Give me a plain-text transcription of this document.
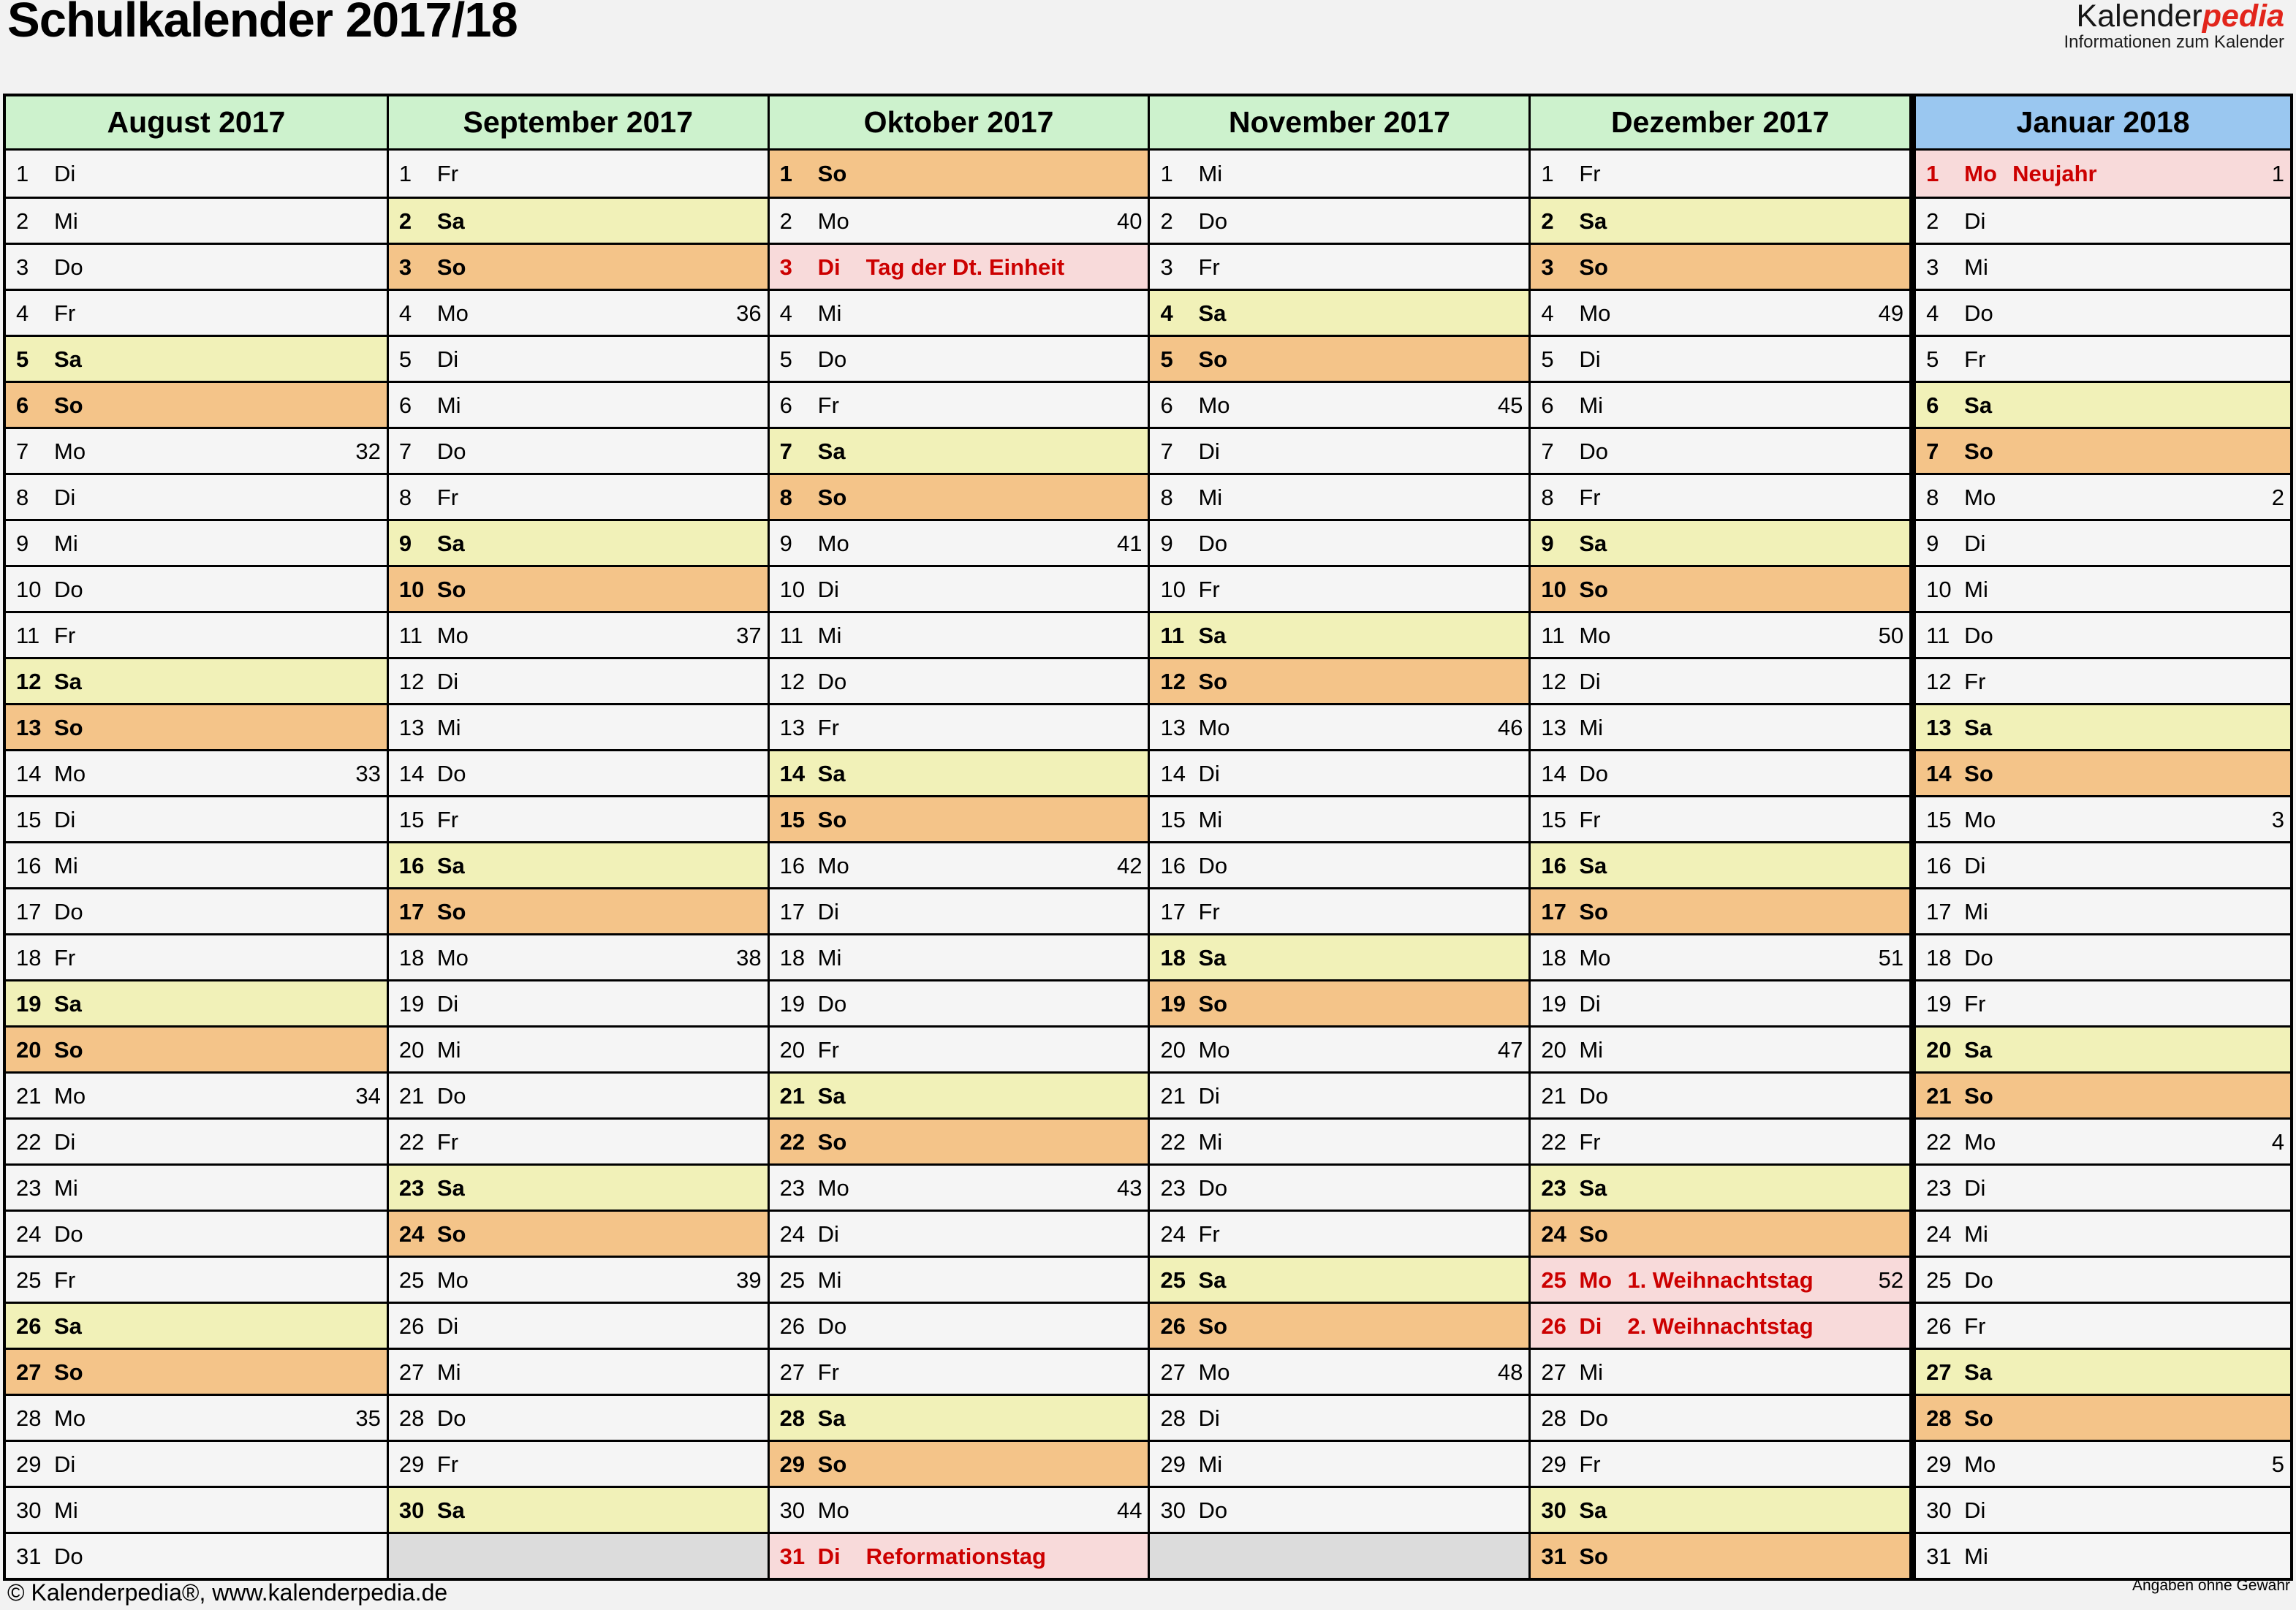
Schulkalender 2017/18	Kalenderpedia
Informationen zum Kalender
August 2017
1	Di
2	Mi
3	Do
4	Fr
5	Sa
6	So
7	Mo	32
8	Di
9	Mi
10 Do
11 Fr
12 Sa
13 So
14 Mo	33
15 Di
16 Mi
17 Do
18 Fr
19 Sa
20 So
21 Mo	34
22 Di
23 Mi
24 Do
25 Fr
26 Sa
27 So
28 Mo	35
29 Di
30 Mi
31 Do
September 2017
1	Fr
2	Sa
3	So
4	Mo	36
5	Di
6	Mi
7	Do
8	Fr
9	Sa
10 So
11 Mo	37
12 Di
13 Mi
14 Do
15 Fr
16 Sa
17 So
18 Mo	38
19 Di
20 Mi
21 Do
22 Fr
23 Sa
24 So
25 Mo	39
26 Di
27 Mi
28 Do
29 Fr
30 Sa
Oktober 2017
1	So
2	Mo	40
3	Di	Tag der Dt. Einheit
4	Mi
5	Do
6	Fr
7	Sa
8	So
9	Mo	41
10 Di
11 Mi
12 Do
13 Fr
14 Sa
15 So
16 Mo	42
17 Di
18 Mi
19 Do
20 Fr
21 Sa
22 So
23 Mo	43
24 Di
25 Mi
26 Do
27 Fr
28 Sa
29 So
30 Mo	44
31 Di	Reformationstag
November 2017
1	Mi
2	Do
3	Fr
4	Sa
5	So
6	Mo	45
7	Di
8	Mi
9	Do
10 Fr
11 Sa
12 So
13 Mo	46
14 Di
15 Mi
16 Do
17 Fr
18 Sa
19 So
20 Mo	47
21 Di
22 Mi
23 Do
24 Fr
25 Sa
26 So
27 Mo	48
28 Di
29 Mi
30 Do
Dezember 2017
1	Fr
2	Sa
3	So
4	Mo	49
5	Di
6	Mi
7	Do
8	Fr
9	Sa
10 So
11 Mo	50
12 Di
13 Mi
14 Do
15 Fr
16 Sa
17 So
18 Mo	51
19 Di
20 Mi
21 Do
22 Fr
23 Sa
24 So
25 Mo 1. Weihnachtstag	52
26 Di	2. Weihnachtstag
27 Mi
28 Do
29 Fr
30 Sa
31 So
Januar 2018
1	Mo Neujahr	1
2	Di
3	Mi
4	Do
5	Fr
6	Sa
7	So
8	Mo	2
9	Di
10 Mi
11 Do
12 Fr
13 Sa
14 So
15 Mo	3
16 Di
17 Mi
18 Do
19 Fr
20 Sa
21 So
22 Mo	4
23 Di
24 Mi
25 Do
26 Fr
27 Sa
28 So
29 Mo	5
30 Di
31 Mi
© Kalenderpedia®, www.kalenderpedia.de	Angaben ohne Gewähr
